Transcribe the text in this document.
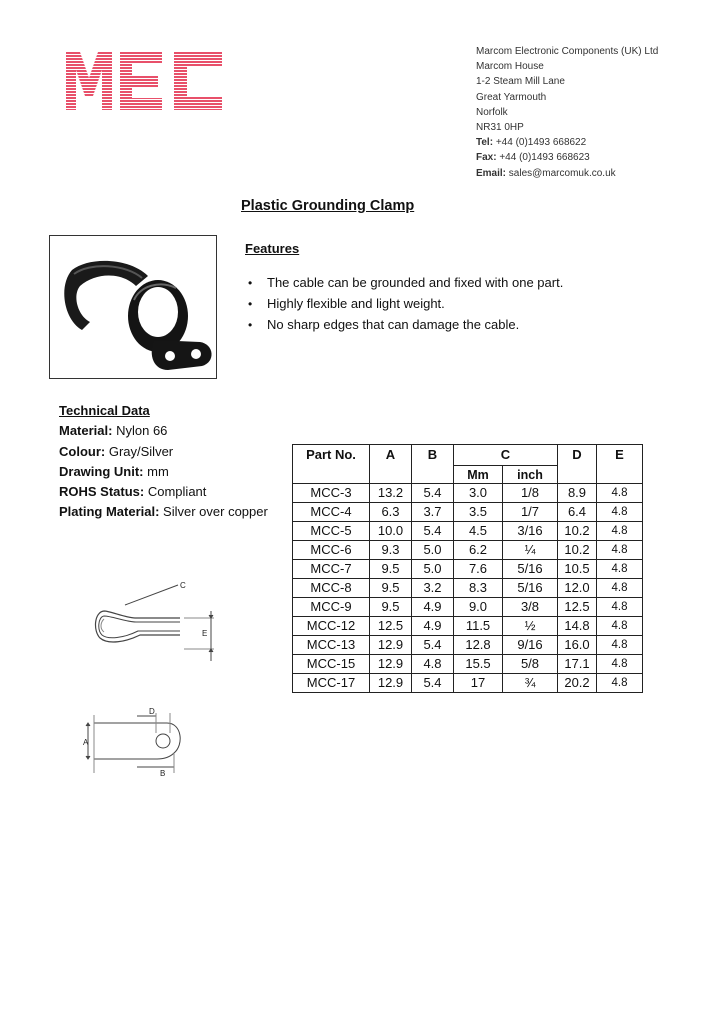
Marcom Electronic Components (UK) Ltd
Marcom House
1-2 Steam Mill Lane
Great Yarmouth
Norfolk
NR31 0HP
Tel: +44 (0)1493 668622
Fax: +44 (0)1493 668623
Email: sales@marcomuk.co.uk
Plastic Grounding Clamp
Features
• The cable can be grounded and fixed with one part.
• Highly flexible and light weight.
• No sharp edges that can damage the cable.
Technical Data
Material: Nylon 66
Colour: Gray/Silver
Drawing Unit: mm
ROHS Status: Compliant
Plating Material: Silver over copper
Part No.	A	B	C		D	E
			Mm	inch		
MCC-3	13.2	5.4	3.0	1/8	8.9	4.8
MCC-4	6.3	3.7	3.5	1/7	6.4	4.8
MCC-5	10.0	5.4	4.5	3/16	10.2	4.8
MCC-6	9.3	5.0	6.2	¼	10.2	4.8
MCC-7	9.5	5.0	7.6	5/16	10.5	4.8
MCC-8	9.5	3.2	8.3	5/16	12.0	4.8
MCC-9	9.5	4.9	9.0	3/8	12.5	4.8
MCC-12	12.5	4.9	11.5	½	14.8	4.8
MCC-13	12.9	5.4	12.8	9/16	16.0	4.8
MCC-15	12.9	4.8	15.5	5/8	17.1	4.8
MCC-17	12.9	5.4	17	¾	20.2	4.8
C
E
D
A
B
